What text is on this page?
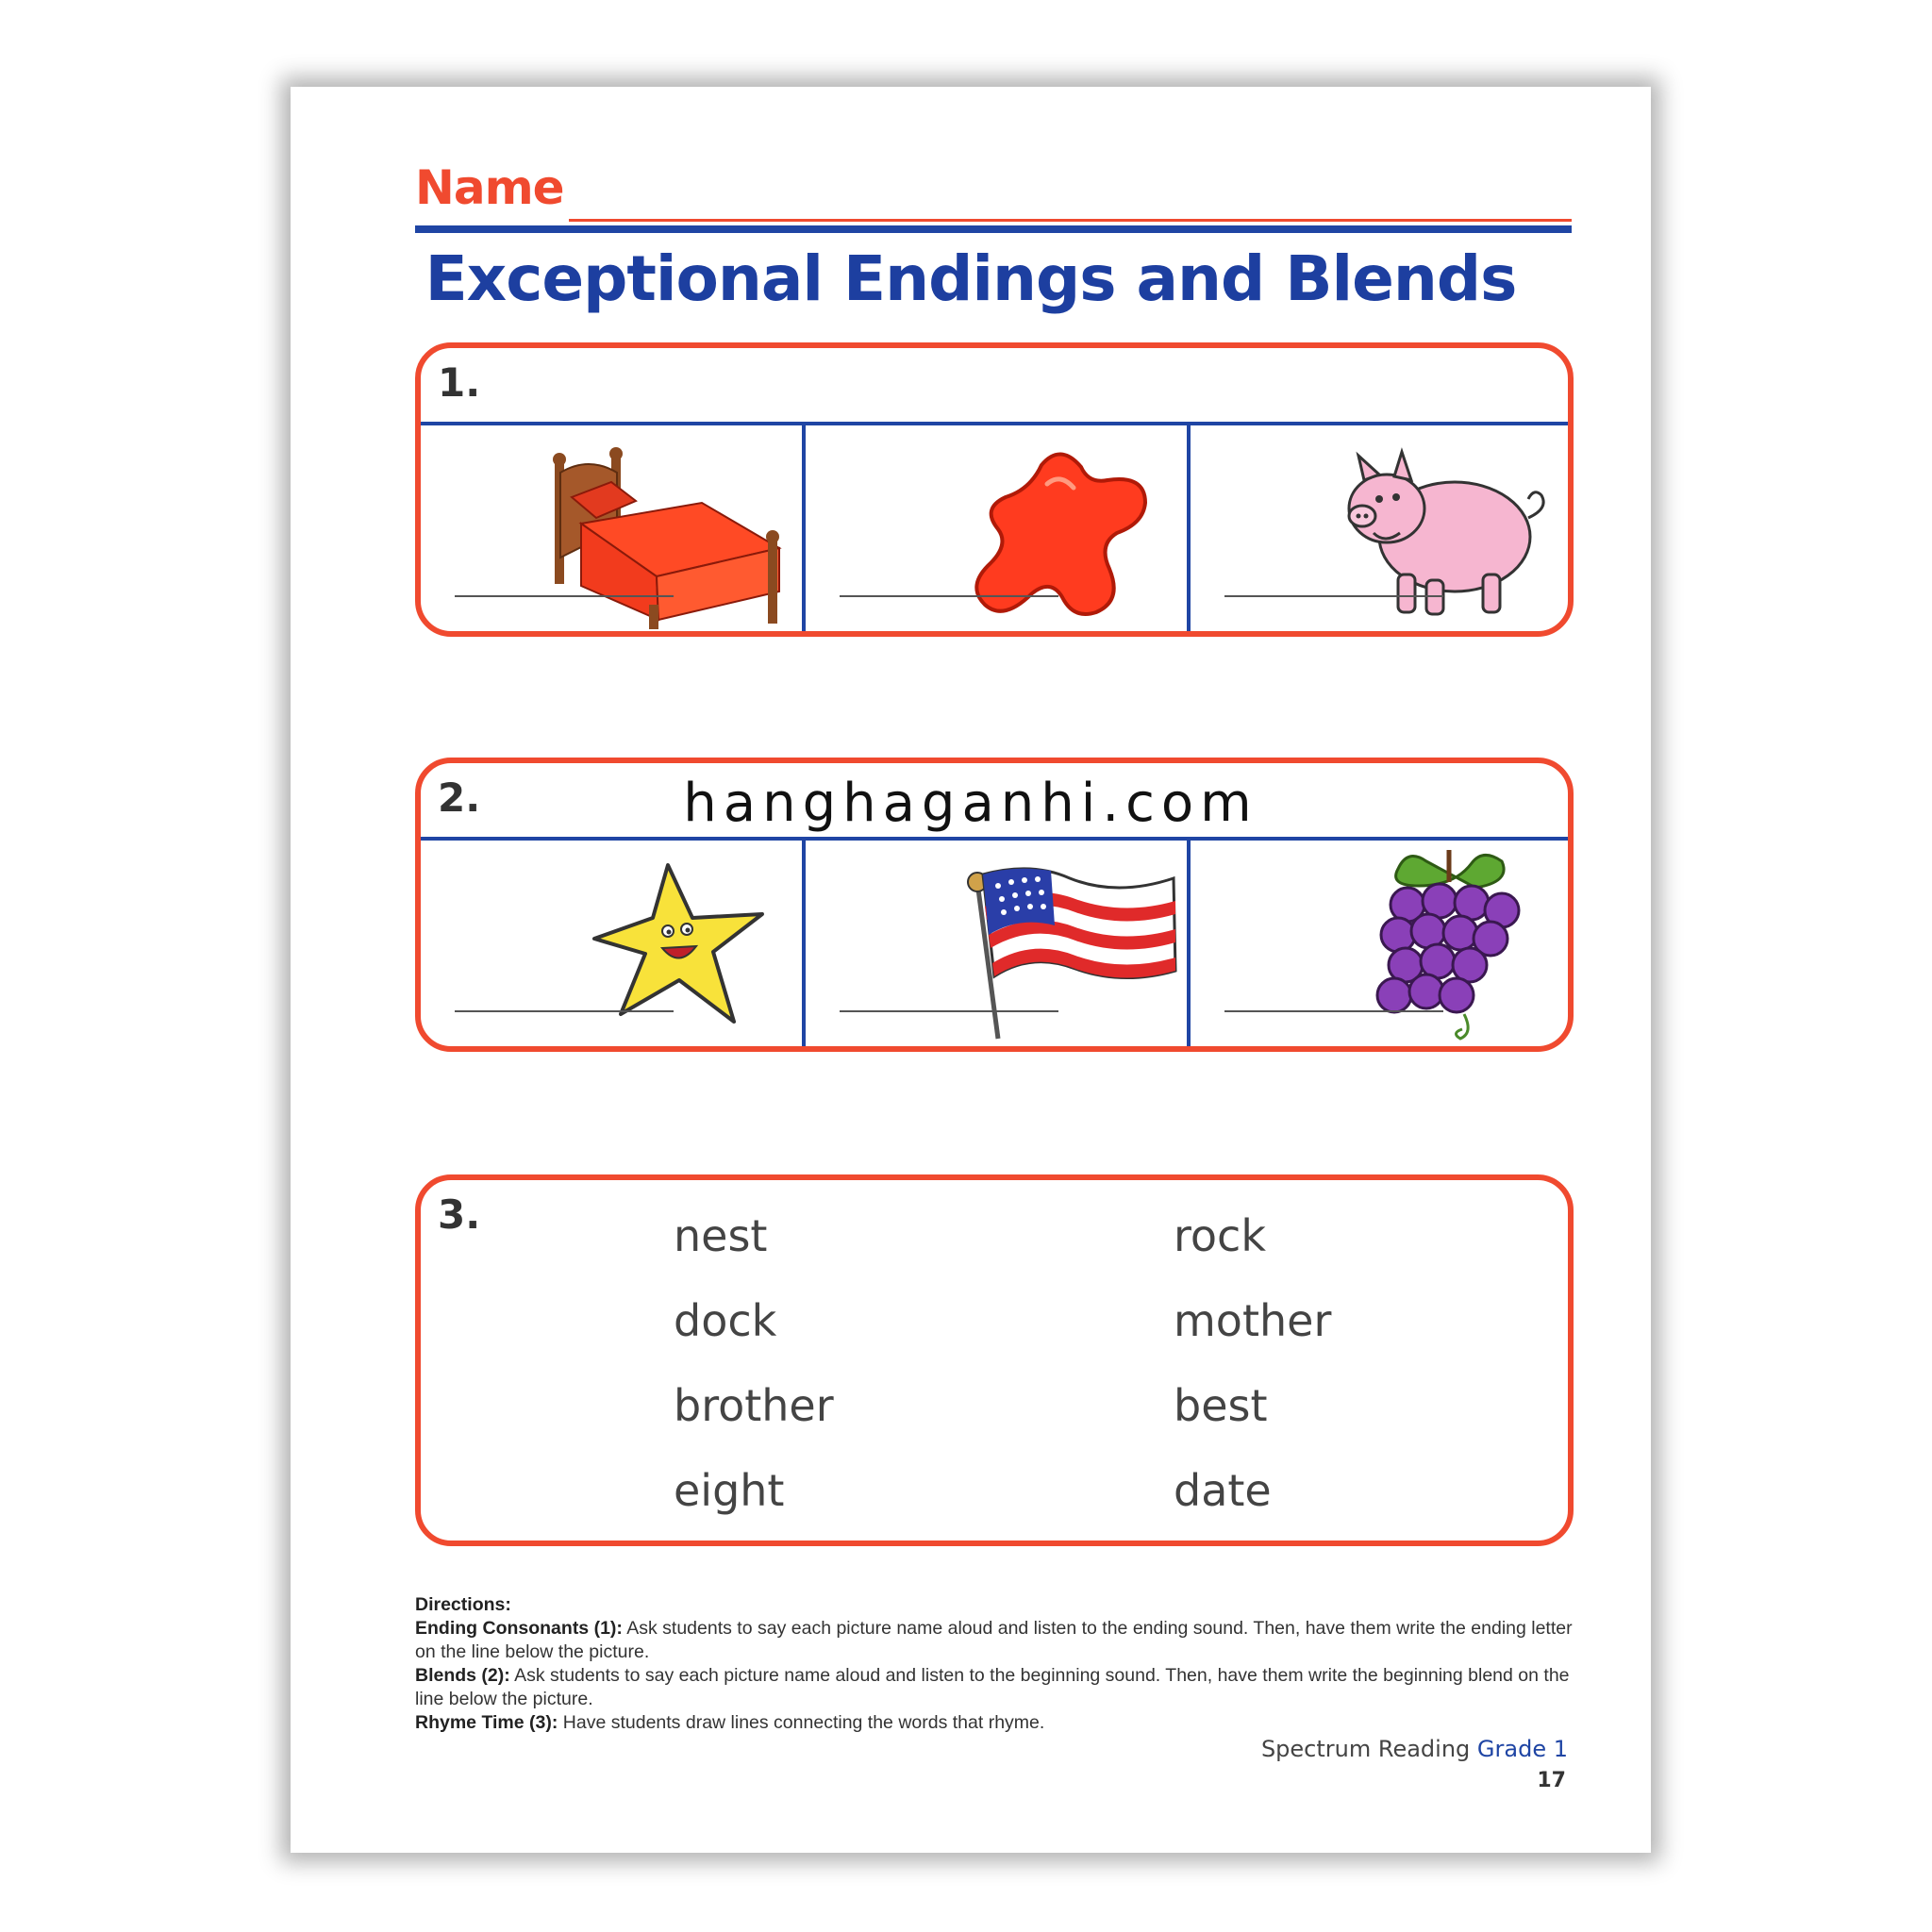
Name
Exceptional Endings and Blends
1.
2.	hanghaganhi.com
3.	nest
dock
brother
eight
rock
mother
best
date
Directions:
Ending Consonants (1): Ask students to say each picture name aloud and listen to the ending sound. Then, have them write the ending letter on the line below the picture.
Blends (2): Ask students to say each picture name aloud and listen to the beginning sound. Then, have them write the beginning blend on the line below the picture.
Rhyme Time (3): Have students draw lines connecting the words that rhyme.
Spectrum Reading Grade 1
17
